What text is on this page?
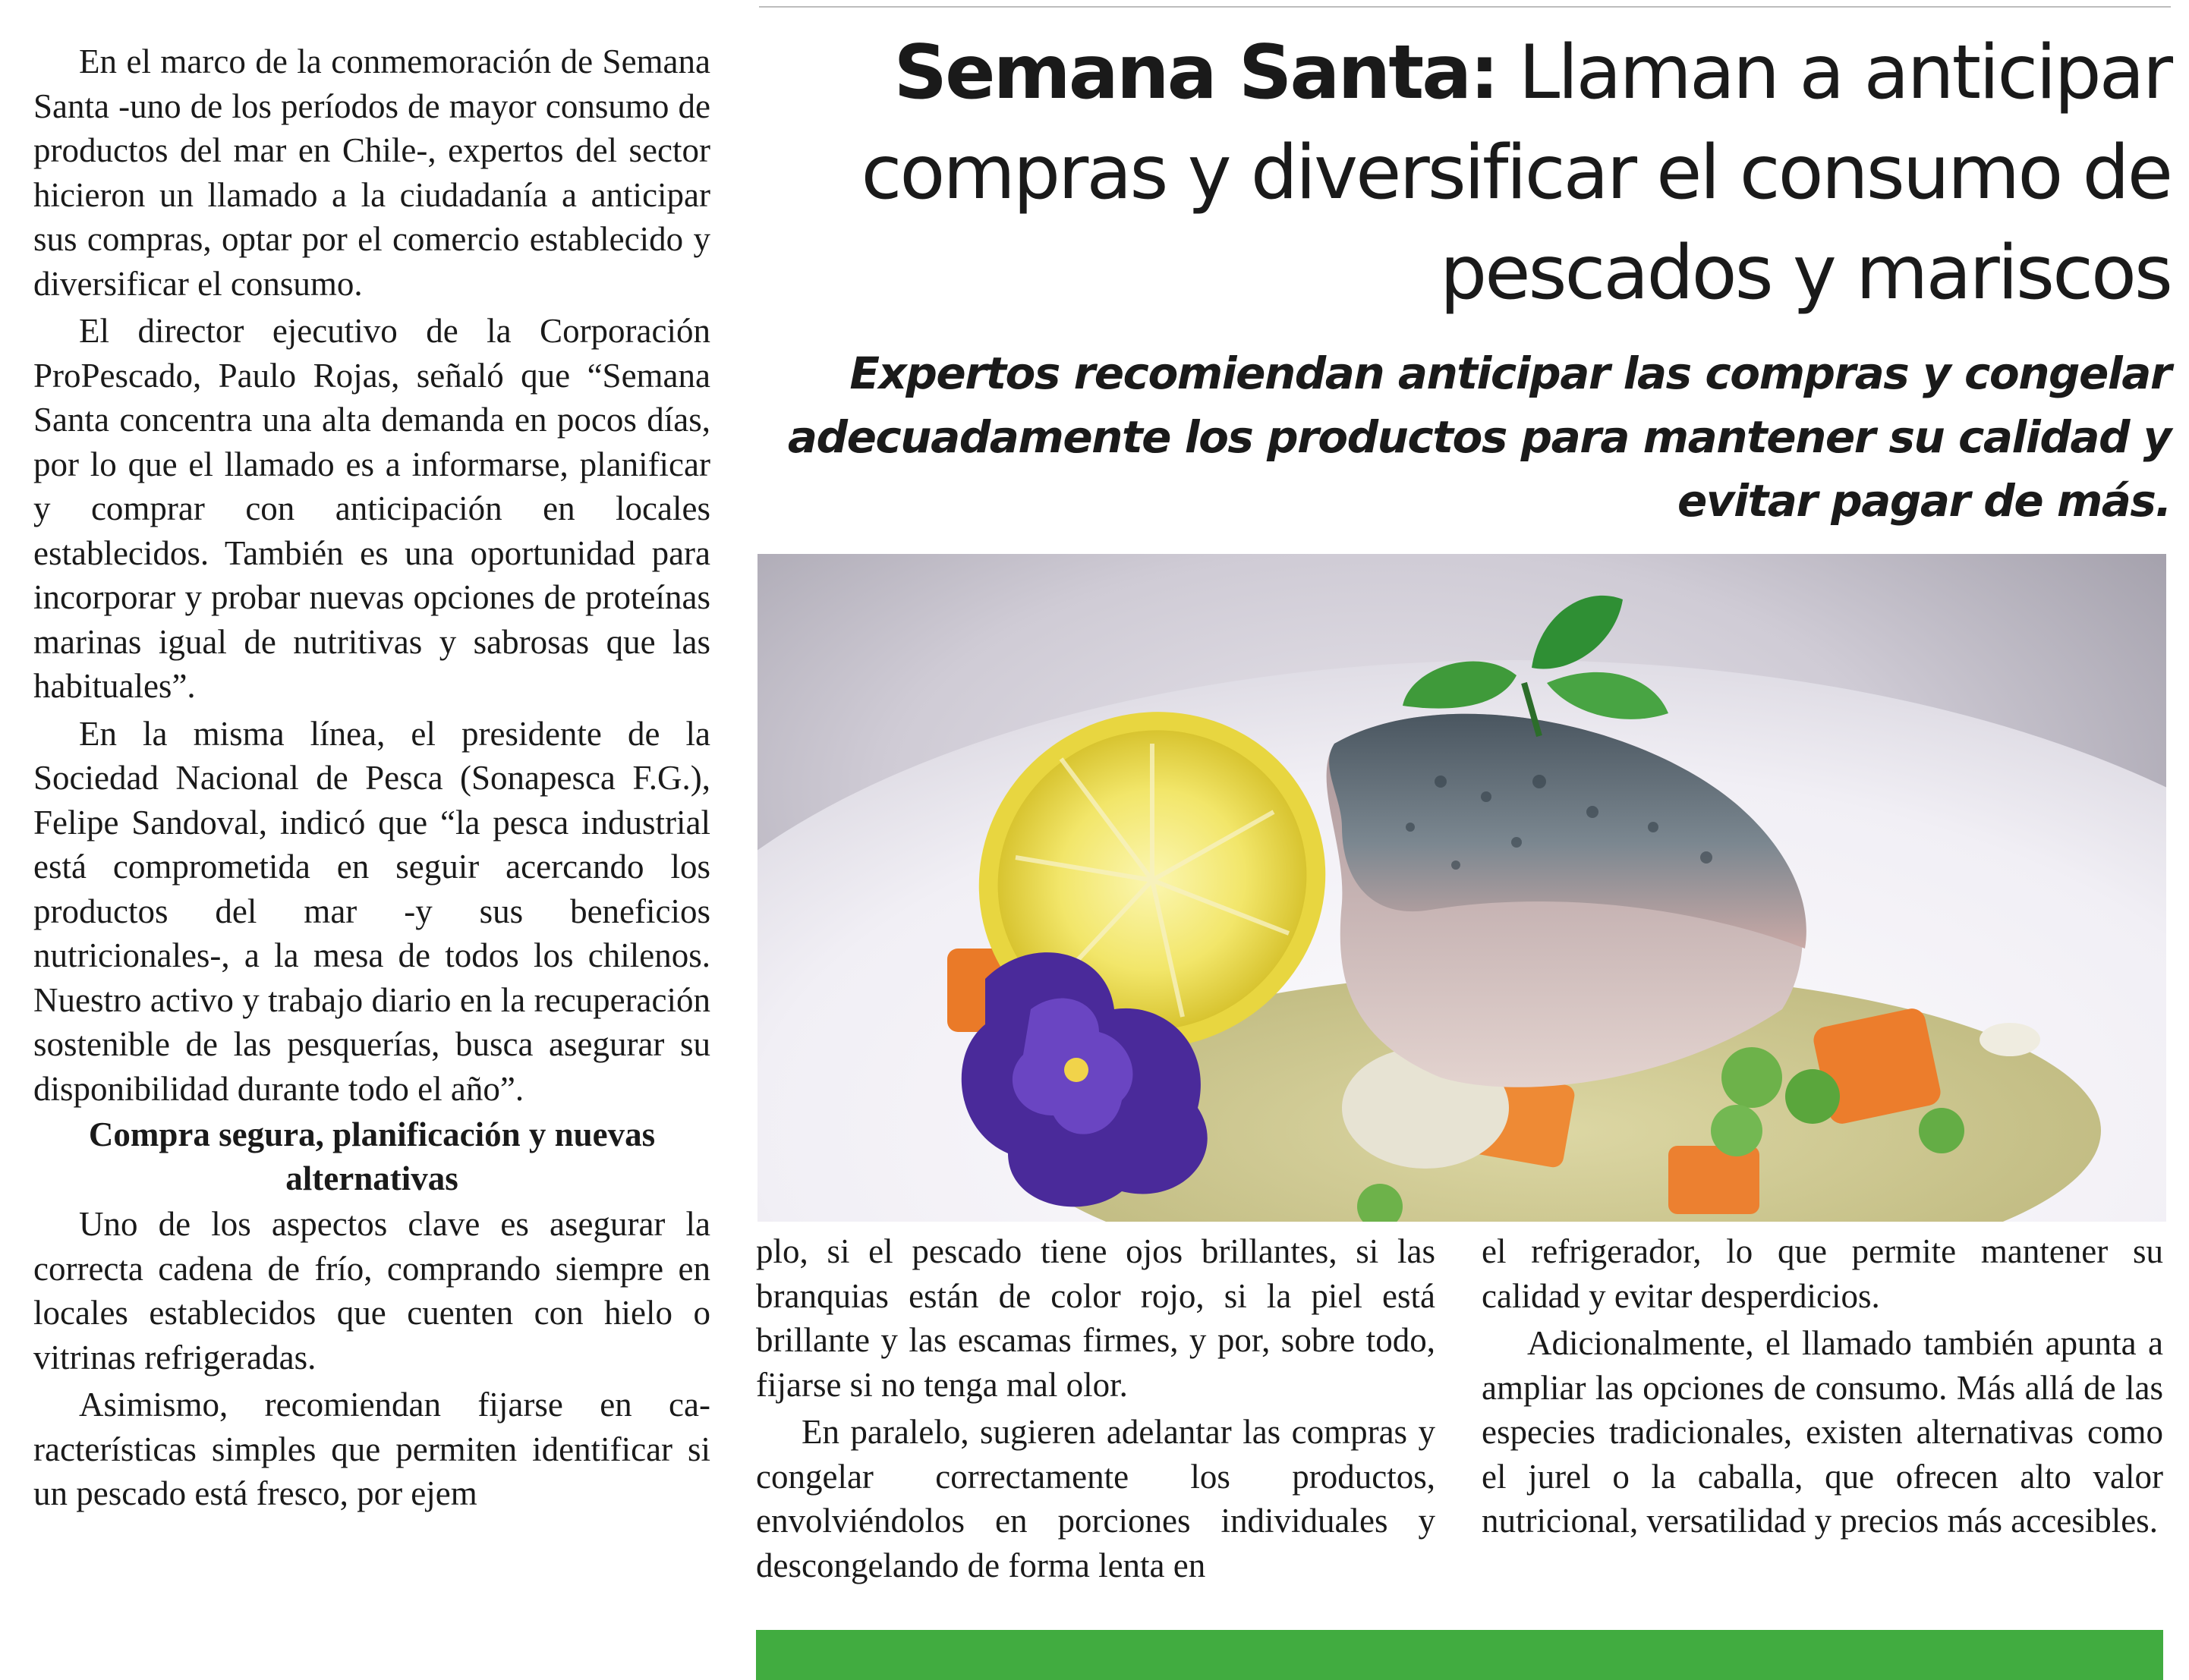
En el marco de la conmemoración de Semana Santa -uno de los períodos de mayor consumo de productos del mar en Chile-, expertos del sector hicieron un llamado a la ciudadanía a anticipar sus compras, optar por el comercio establecido y diversificar el consumo.

El director ejecutivo de la Corporación ProPescado, Paulo Rojas, señaló que “Semana Santa concentra una alta demanda en pocos días, por lo que el llamado es a informarse, planificar y comprar con anticipación en locales establecidos. También es una oportunidad para incorporar y probar nuevas opciones de proteínas marinas igual de nutritivas y sabrosas que las habituales”.

En la misma línea, el presidente de la Sociedad Nacional de Pesca (Sonapesca F.G.), Felipe Sandoval, indicó que “la pesca industrial está comprometida en seguir acercando los productos del mar -y sus beneficios nutricionales-, a la mesa de todos los chilenos. Nuestro activo y trabajo diario en la recuperación sostenible de las pesquerías, busca asegurar su disponibilidad durante todo el año”.

Compra segura, planificación y nuevas alternativas

Uno de los aspectos clave es asegurar la correcta cadena de frío, comprando siempre en locales establecidos que cuenten con hielo o vitrinas refrigeradas.

Asimismo, recomiendan fijarse en características simples que permiten identificar si un pescado está fresco, por ejem

Semana Santa: Llaman a anticipar compras y diversificar el consumo de pescados y mariscos
Expertos recomiendan anticipar las compras y congelar adecuadamente los productos para mantener su calidad y evitar pagar de más.

plo, si el pescado tiene ojos brillantes, si las branquias están de color rojo, si la piel está brillante y las escamas firmes, y por, sobre todo, fijarse si no tenga mal olor.

En paralelo, sugieren adelantar las compras y congelar correctamente los productos, envolviéndolos en porciones individuales y descongelando de forma lenta en

el refrigerador, lo que permite mantener su calidad y evitar desperdicios.

Adicionalmente, el llamado también apunta a ampliar las opciones de consumo. Más allá de las especies tradicionales, existen alternativas como el jurel o la caballa, que ofrecen alto valor nutricional, versatilidad y precios más accesibles.
